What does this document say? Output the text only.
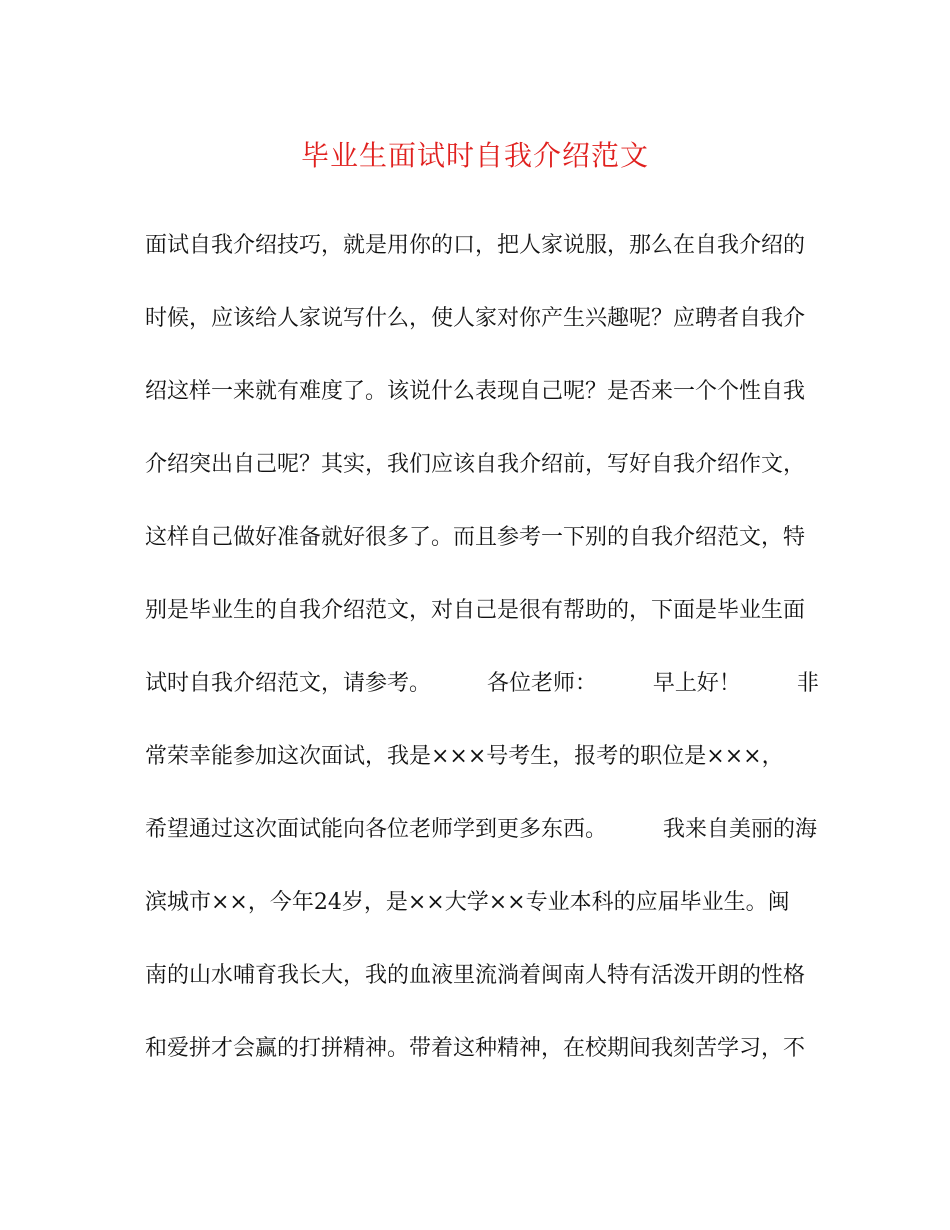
毕业生面试时自我介绍范文
面试自我介绍技巧，就是用你的口，把人家说服，那么在自我介绍的
时候，应该给人家说写什么，使人家对你产生兴趣呢？应聘者自我介
绍这样一来就有难度了。该说什么表现自己呢？是否来一个个性自我
介绍突出自己呢？其实，我们应该自我介绍前，写好自我介绍作文，
这样自己做好准备就好很多了。而且参考一下别的自我介绍范文，特
别是毕业生的自我介绍范文，对自己是很有帮助的，下面是毕业生面
试时自我介绍范文，请参考。        各位老师：        早上好！        非
常荣幸能参加这次面试，我是×××号考生，报考的职位是×××，
希望通过这次面试能向各位老师学到更多东西。        我来自美丽的海
滨城市××，今年24岁，是××大学××专业本科的应届毕业生。闽
南的山水哺育我长大，我的血液里流淌着闽南人特有活泼开朗的性格
和爱拼才会赢的打拼精神。带着这种精神，在校期间我刻苦学习，不
